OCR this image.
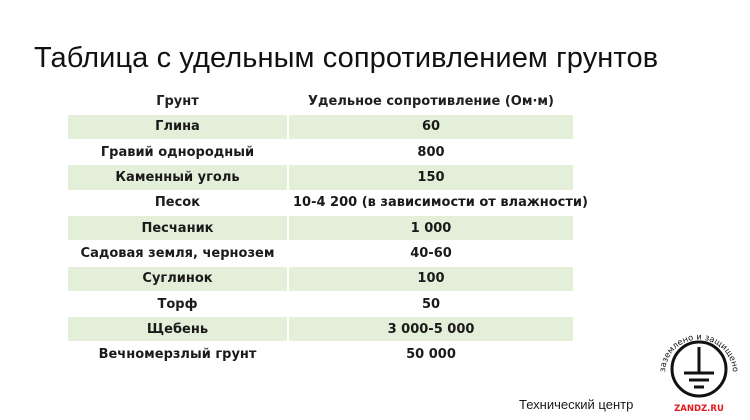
Таблица с удельным сопротивлением грунтов
Грунт	Удельное сопротивление (Ом·м)
Глина	60
Гравий однородный	800
Каменный уголь	150
Песок	10-4 200 (в зависимости от влажности)
Песчаник	1 000
Садовая земля, чернозем	40-60
Суглинок	100
Торф	50
Щебень	3 000-5 000
Вечномерзлый грунт	50 000
Технический центр
заземлено и защищено
ZANDZ.RU
